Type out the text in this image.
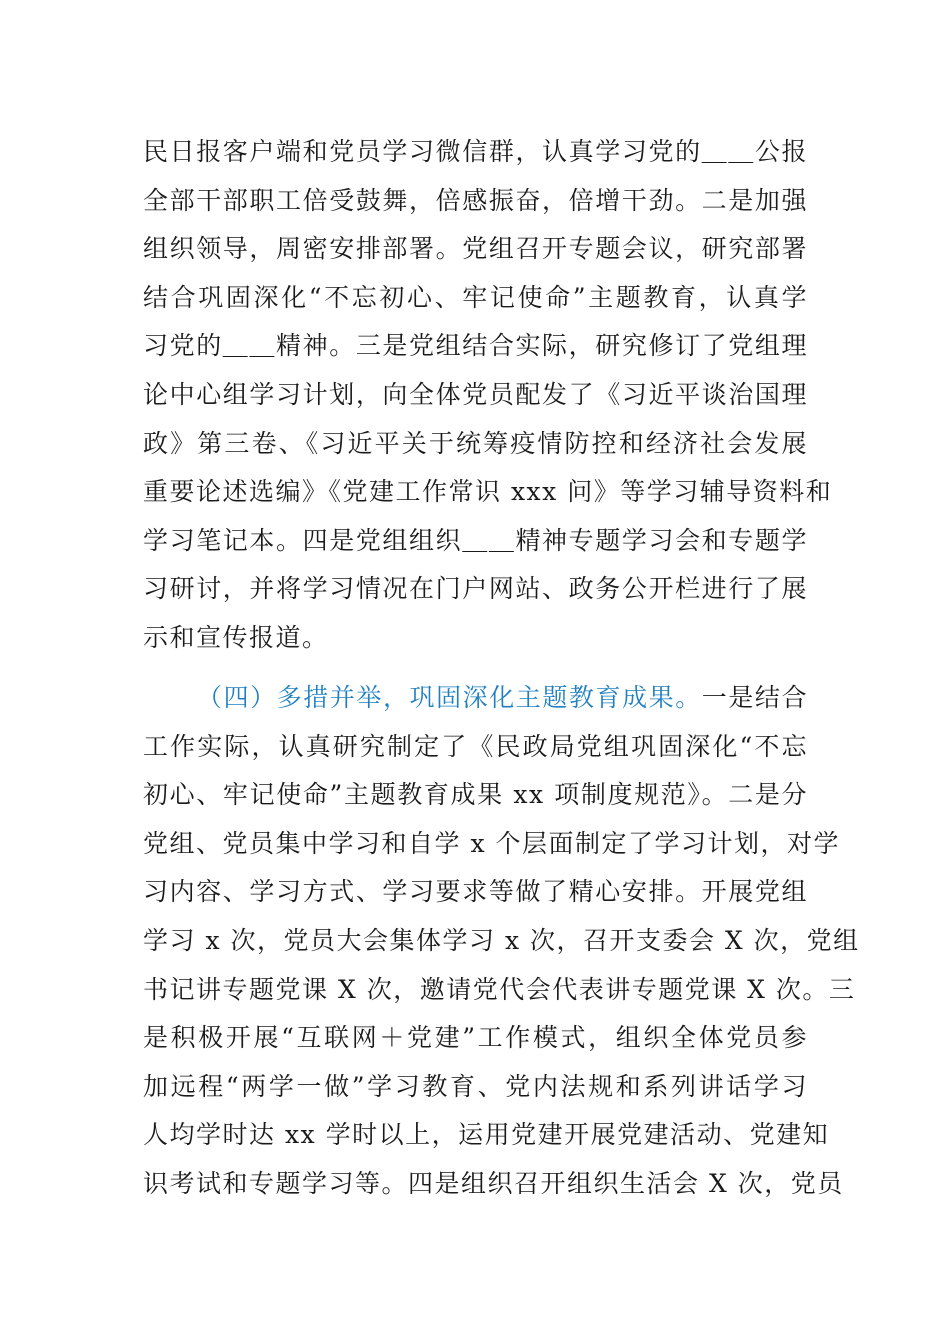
民日报客户端和党员学习微信群，认真学习党的＿＿公报
全部干部职工倍受鼓舞，倍感振奋，倍增干劲。二是加强
组织领导，周密安排部署。党组召开专题会议，研究部署
结合巩固深化“不忘初心、牢记使命”主题教育，认真学
习党的＿＿精神。三是党组结合实际，研究修订了党组理
论中心组学习计划，向全体党员配发了《习近平谈治国理
政》第三卷、《习近平关于统筹疫情防控和经济社会发展
重要论述选编》《党建工作常识 xxx 问》等学习辅导资料和
学习笔记本。四是党组组织＿＿精神专题学习会和专题学
习研讨，并将学习情况在门户网站、政务公开栏进行了展
示和宣传报道。
（四）多措并举，巩固深化主题教育成果。一是结合
工作实际，认真研究制定了《民政局党组巩固深化“不忘
初心、牢记使命”主题教育成果 xx 项制度规范》。二是分
党组、党员集中学习和自学 x 个层面制定了学习计划，对学
习内容、学习方式、学习要求等做了精心安排。开展党组
学习 x 次，党员大会集体学习 x 次，召开支委会 X 次，党组
书记讲专题党课 X 次，邀请党代会代表讲专题党课 X 次。三
是积极开展“互联网＋党建”工作模式，组织全体党员参
加远程“两学一做”学习教育、党内法规和系列讲话学习
人均学时达 xx 学时以上，运用党建开展党建活动、党建知
识考试和专题学习等。四是组织召开组织生活会 X 次，党员
